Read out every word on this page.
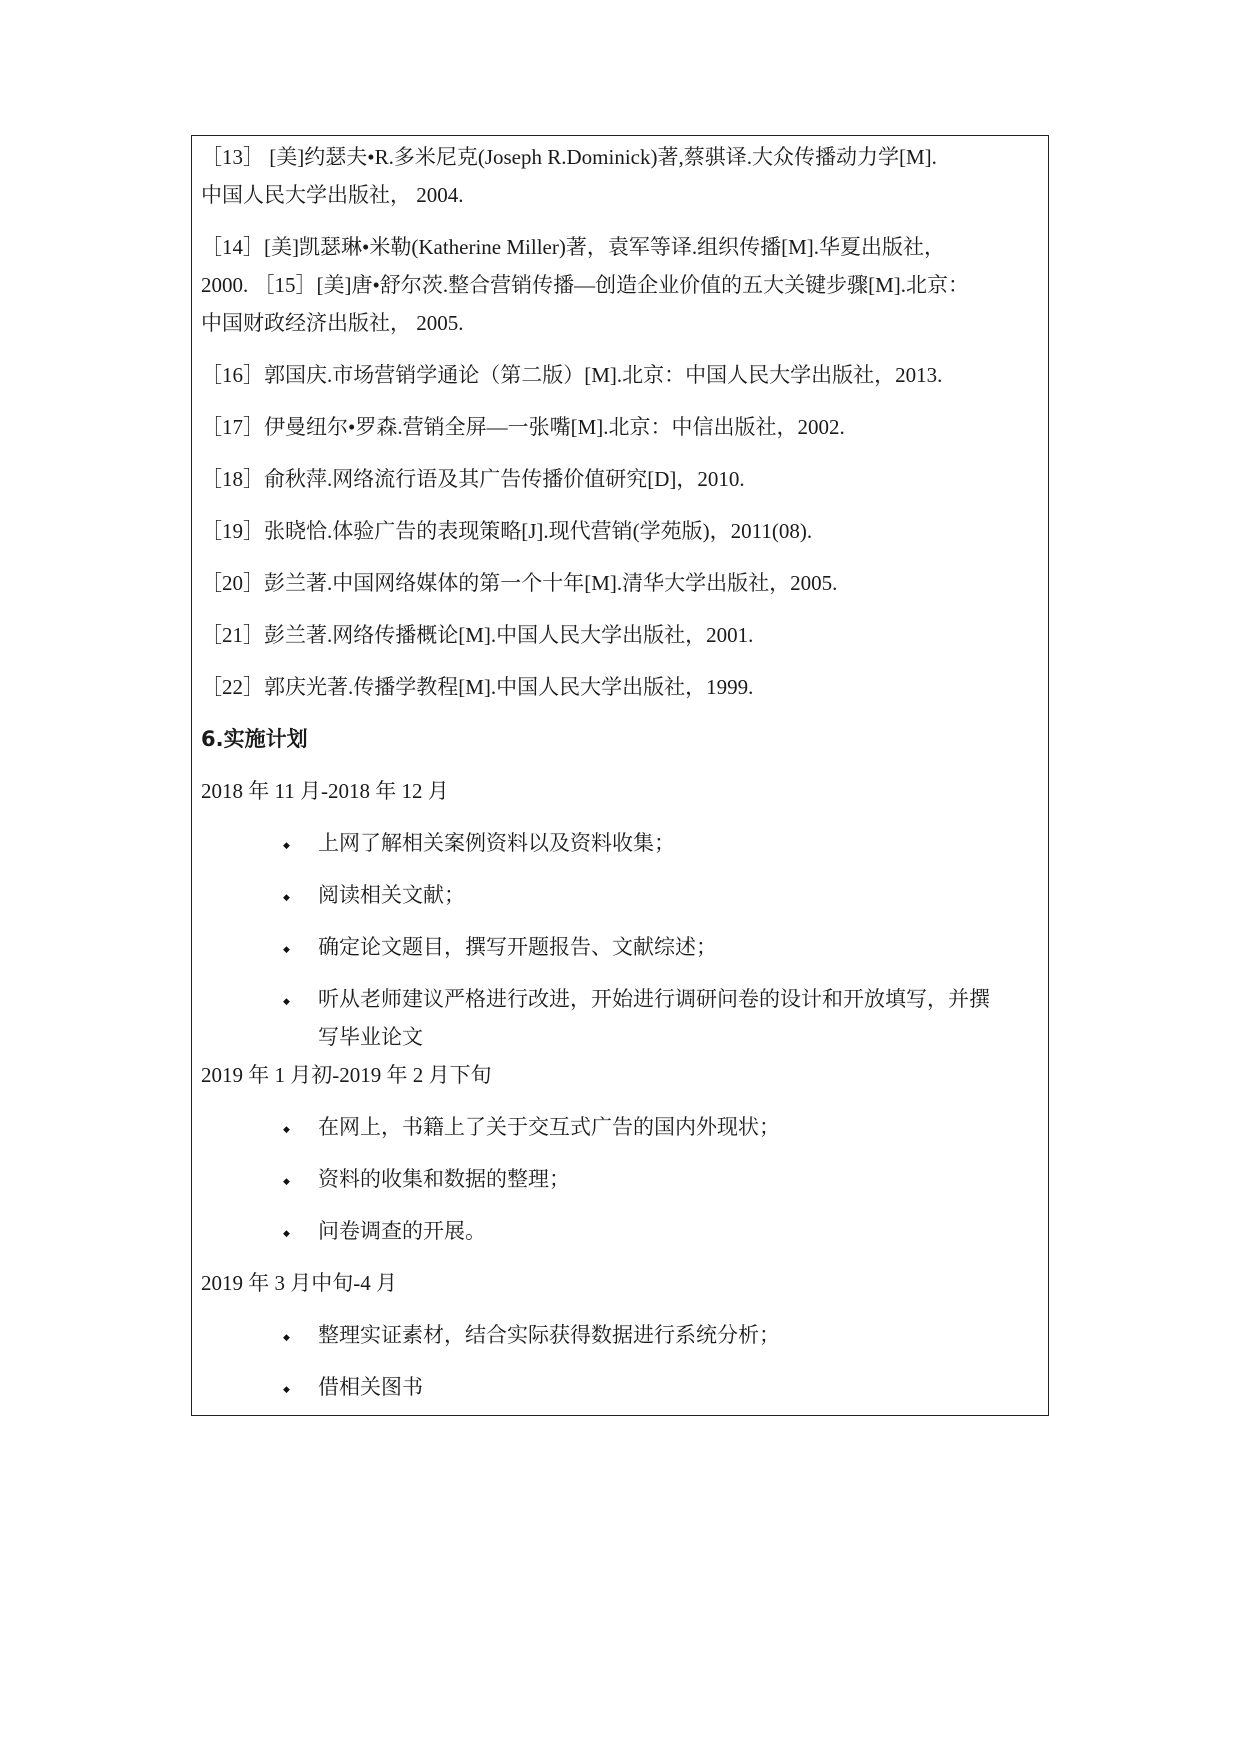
［13］ [美]约瑟夫•R.多米尼克(Joseph R.Dominick)著,蔡骐译.大众传播动力学[M].
中国人民大学出版社， 2004.
［14］[美]凯瑟琳•米勒(Katherine Miller)著，袁军等译.组织传播[M].华夏出版社，
2000. ［15］[美]唐•舒尔茨.整合营销传播—创造企业价值的五大关键步骤[M].北京：
中国财政经济出版社， 2005.
［16］郭国庆.市场营销学通论（第二版）[M].北京：中国人民大学出版社，2013.
［17］伊曼纽尔•罗森.营销全屏—一张嘴[M].北京：中信出版社，2002.
［18］俞秋萍.网络流行语及其广告传播价值研究[D]，2010.
［19］张晓恰.体验广告的表现策略[J].现代营销(学苑版)，2011(08).
［20］彭兰著.中国网络媒体的第一个十年[M].清华大学出版社，2005.
［21］彭兰著.网络传播概论[M].中国人民大学出版社，2001.
［22］郭庆光著.传播学教程[M].中国人民大学出版社，1999.
6.实施计划
2018 年 11 月-2018 年 12 月
◆ 上网了解相关案例资料以及资料收集；
◆ 阅读相关文献；
◆ 确定论文题目，撰写开题报告、文献综述；
◆ 听从老师建议严格进行改进，开始进行调研问卷的设计和开放填写，并撰
写毕业论文
2019 年 1 月初-2019 年 2 月下旬
◆ 在网上，书籍上了关于交互式广告的国内外现状；
◆ 资料的收集和数据的整理；
◆ 问卷调查的开展。
2019 年 3 月中旬-4 月
◆ 整理实证素材，结合实际获得数据进行系统分析；
◆ 借相关图书
